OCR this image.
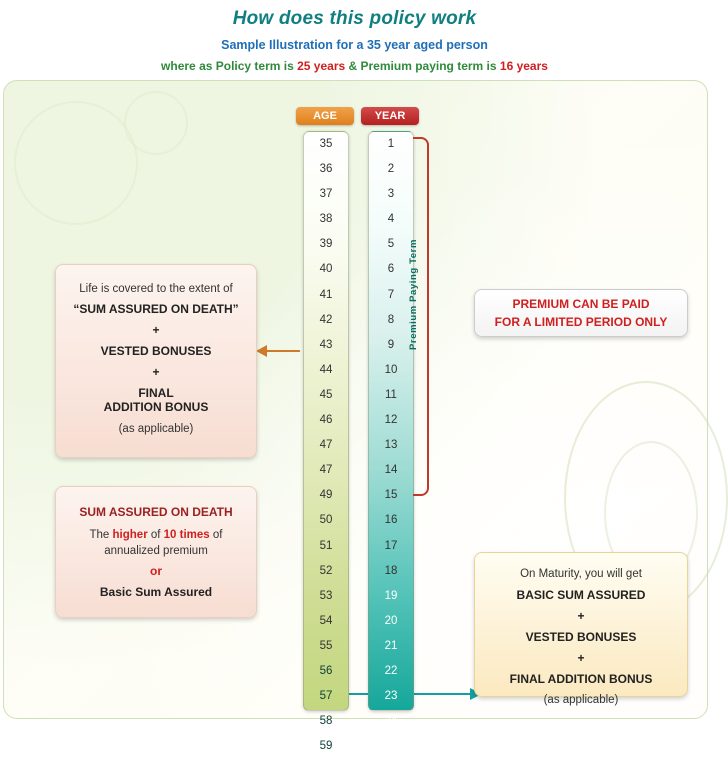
How does this policy work
Sample Illustration for a 35 year aged person
where as Policy term is 25 years & Premium paying term is 16 years
AGE	YEAR
35
36
37
38
39
40
41
42
43
44
45
46
47
47
49
50
51
52
53
54
55
56
57
58
59
1
2
3
4
5
6
7
8
9
10
11
12
13
14
15
16
17
18
19
20
21
22
23
24
25
Premium Paying Term
Life is covered to the extent of
“SUM ASSURED ON DEATH”
+
VESTED BONUSES
+
FINAL
ADDITION BONUS
(as applicable)
SUM ASSURED ON DEATH
The higher of 10 times of
annualized premium
or
Basic Sum Assured
PREMIUM CAN BE PAID
FOR A LIMITED PERIOD ONLY
On Maturity, you will get
BASIC SUM ASSURED
+
VESTED BONUSES
+
FINAL ADDITION BONUS
(as applicable)
